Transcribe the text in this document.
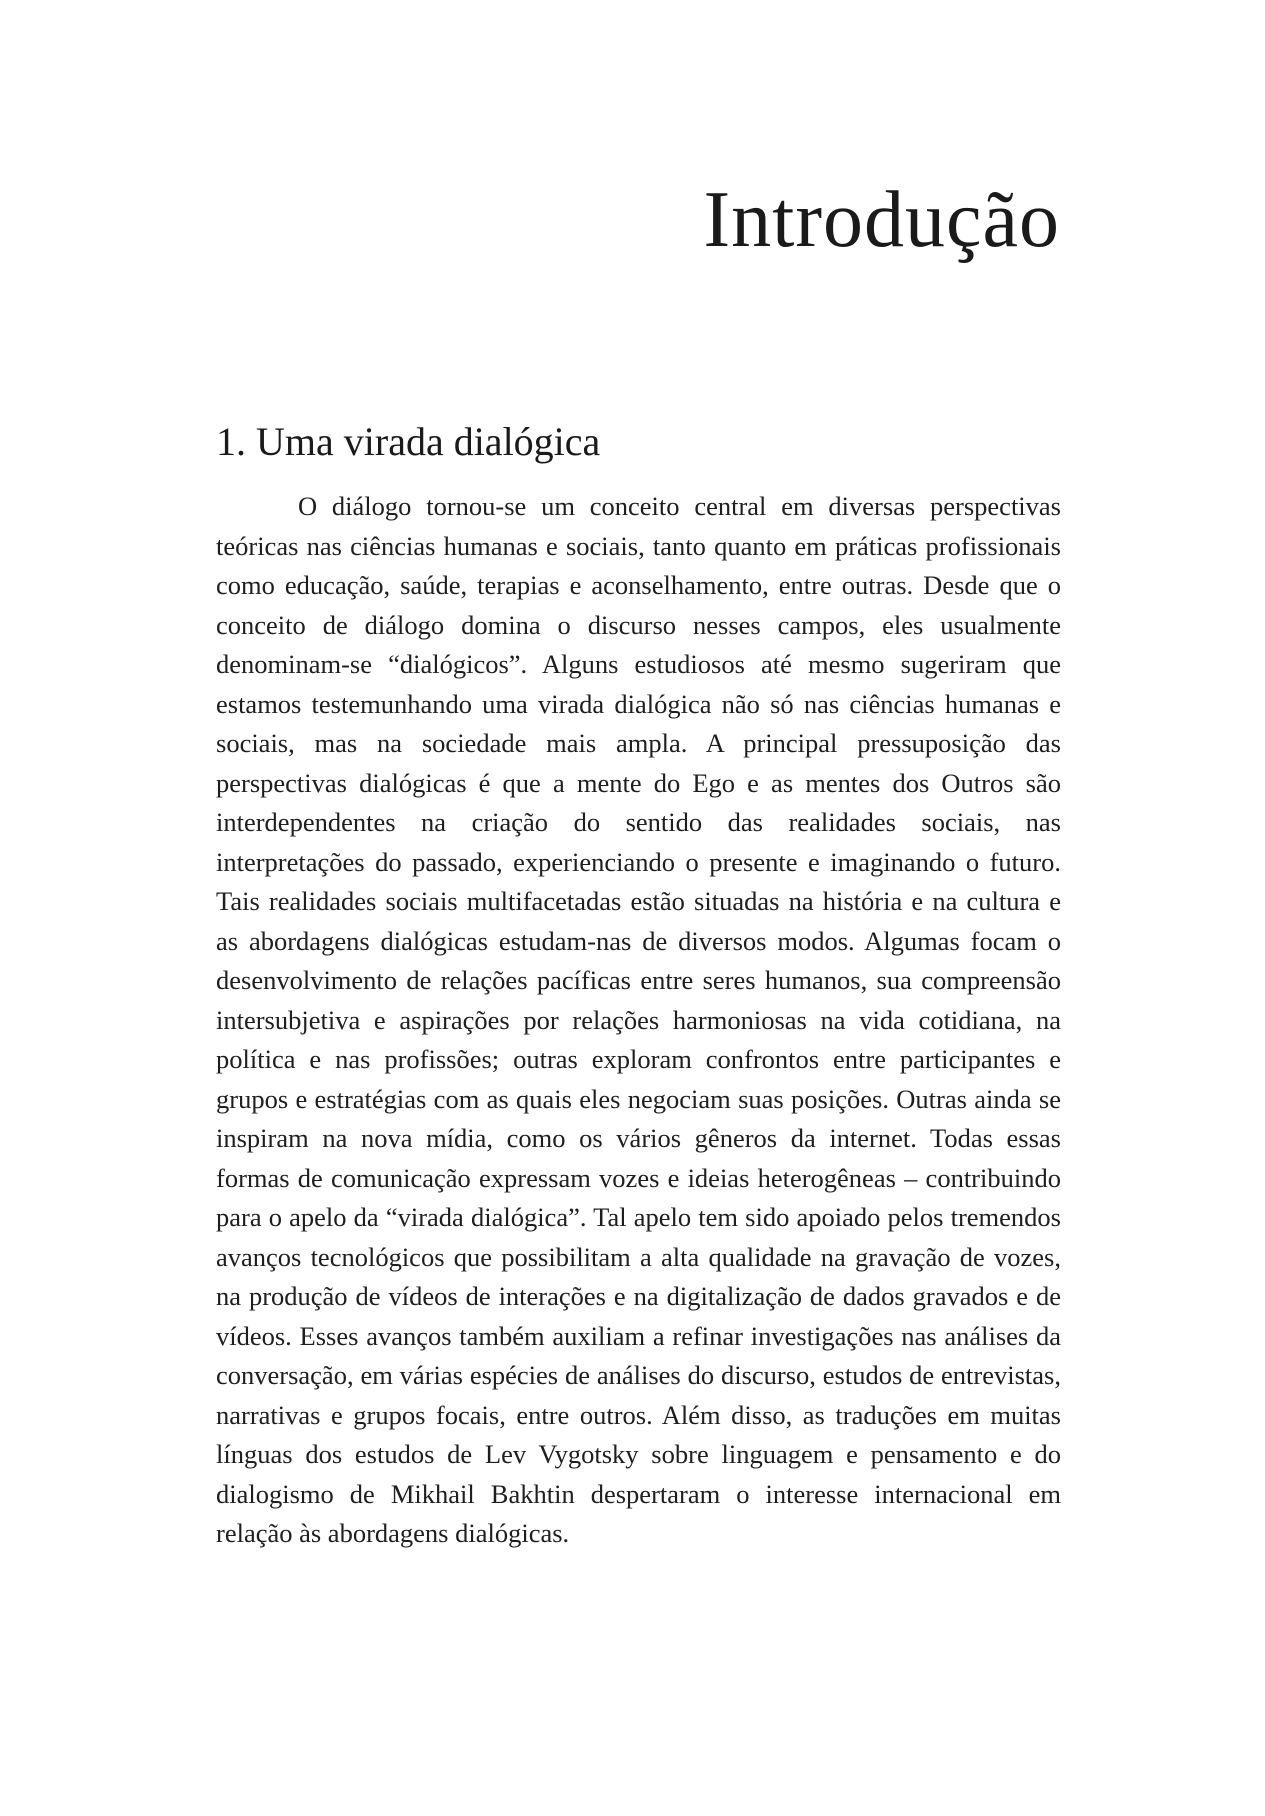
Introdução
1. Uma virada dialógica

O diálogo tornou-se um conceito central em diversas perspectivas teóricas nas ciências humanas e sociais, tanto quanto em práticas profissionais como educação, saúde, terapias e aconselhamento, entre outras. Desde que o conceito de diálogo domina o discurso nesses campos, eles usualmente denominam-se “dialógicos”. Alguns estudiosos até mesmo sugeriram que estamos testemunhando uma virada dialógica não só nas ciências humanas e sociais, mas na sociedade mais ampla. A principal pressuposição das perspectivas dialógicas é que a mente do Ego e as mentes dos Outros são interdependentes na criação do sentido das realidades sociais, nas interpretações do passado, experienciando o presente e imaginando o futuro. Tais realidades sociais multifacetadas estão situadas na história e na cultura e as abordagens dialógicas estudam-nas de diversos modos. Algumas focam o desenvolvimento de relações pacíficas entre seres humanos, sua compreensão intersubjetiva e aspirações por relações harmoniosas na vida cotidiana, na política e nas profissões; outras exploram confrontos entre participantes e grupos e estratégias com as quais eles negociam suas posições. Outras ainda se inspiram na nova mídia, como os vários gêneros da internet. Todas essas formas de comunicação expressam vozes e ideias heterogêneas – contribuindo para o apelo da “virada dialógica”. Tal apelo tem sido apoiado pelos tremendos avanços tecnológicos que possibilitam a alta qualidade na gravação de vozes, na produção de vídeos de interações e na digitalização de dados gravados e de vídeos. Esses avanços também auxiliam a refinar investigações nas análises da conversação, em várias espécies de análises do discurso, estudos de entrevistas, narrativas e grupos focais, entre outros. Além disso, as traduções em muitas línguas dos estudos de Lev Vygotsky sobre linguagem e pensamento e do dialogismo de Mikhail Bakhtin despertaram o interesse internacional em relação às abordagens dialógicas.
